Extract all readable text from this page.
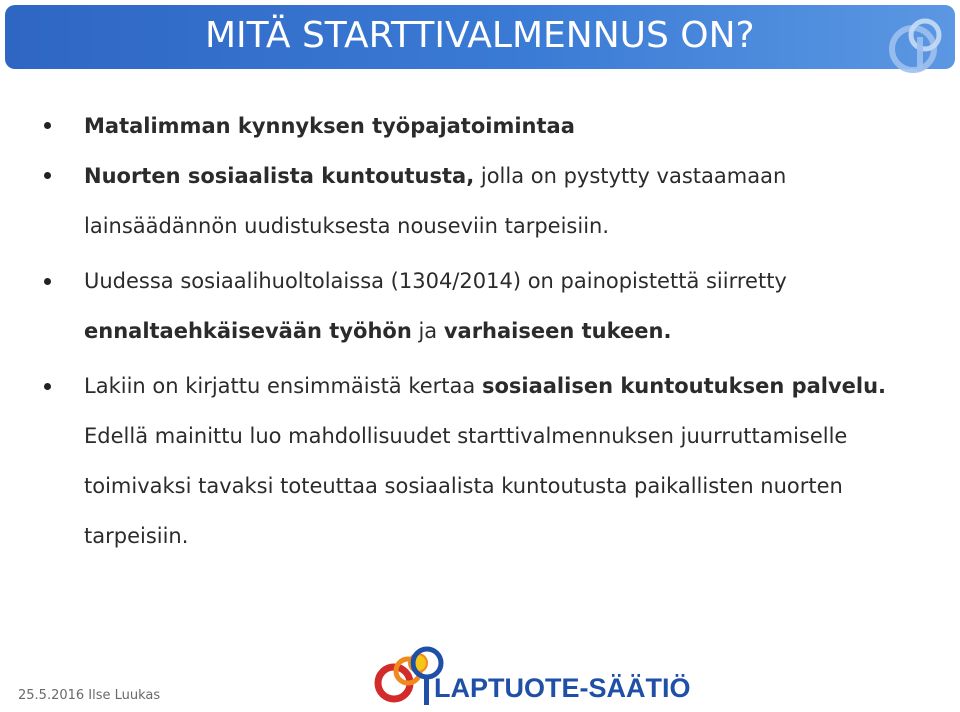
MITÄ STARTTIVALMENNUS ON?
Matalimman kynnyksen työpajatoimintaa
Nuorten sosiaalista kuntoutusta, jolla on pystytty vastaamaan
lainsäädännön uudistuksesta nouseviin tarpeisiin.
Uudessa sosiaalihuoltolaissa (1304/2014) on painopistettä siirretty
ennaltaehkäisevään työhön ja varhaiseen tukeen.
Lakiin on kirjattu ensimmäistä kertaa sosiaalisen kuntoutuksen palvelu.
Edellä mainittu luo mahdollisuudet starttivalmennuksen juurruttamiselle
toimivaksi tavaksi toteuttaa sosiaalista kuntoutusta paikallisten nuorten
tarpeisiin.
25.5.2016 Ilse Luukas	LAPTUOTE-SÄÄTIÖ
